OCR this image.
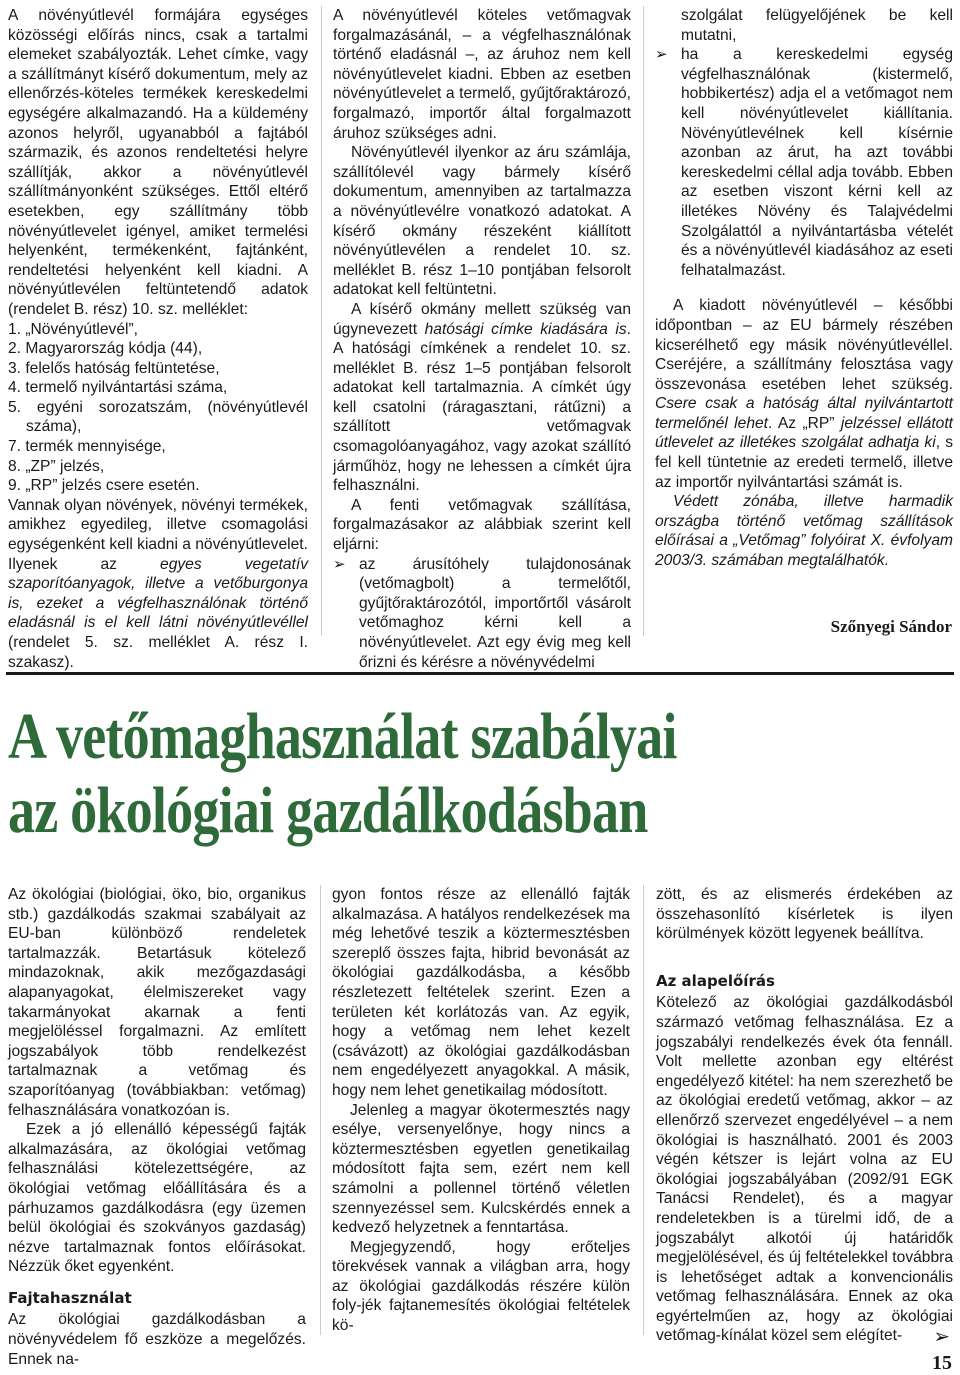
A növényútlevél formájára egységes közösségi előírás nincs, csak a tartalmi elemeket szabályozták. Lehet címke, vagy a szállítmányt kísérő dokumentum, mely az ellenőrzés-köteles termékek kereskedelmi egységére alkalmazandó. Ha a küldemény azonos helyről, ugyanabból a fajtából származik, és azonos rendeltetési helyre szállítják, akkor a növényútlevél szállítmányonként szükséges. Ettől eltérő esetekben, egy szállítmány több növényútlevelet igényel, amiket termelési helyenként, termékenként, fajtánként, rendeltetési helyenként kell kiadni. A növényútlevélen feltüntetendő adatok (rendelet B. rész) 10. sz. melléklet:

1. „Növényútlevél”,
2. Magyarország kódja (44),
3. felelős hatóság feltüntetése,
4. termelő nyilvántartási száma,
5. egyéni sorozatszám, (növényútlevél száma),
7. termék mennyisége,
8. „ZP” jelzés,
9. „RP” jelzés csere esetén.

Vannak olyan növények, növényi termékek, amikhez egyedileg, illetve csomagolási egységenként kell kiadni a növényútlevelet.

Ilyenek az egyes vegetatív szaporítóanyagok, illetve a vetőburgonya is, ezeket a végfelhasználónak történő eladásnál is el kell látni növényútlevéllel (rendelet 5. sz. melléklet A. rész I. szakasz).

A növényútlevél köteles vetőmagvak forgalmazásánál, – a végfelhasználónak történő eladásnál –, az áruhoz nem kell növényútlevelet kiadni. Ebben az esetben növényútlevelet a termelő, gyűjtőraktározó, forgalmazó, importőr által forgalmazott áruhoz szükséges adni.

Növényútlevél ilyenkor az áru számlája, szállítólevél vagy bármely kísérő dokumentum, amennyiben az tartalmazza a növényútlevélre vonatkozó adatokat. A kísérő okmány részeként kiállított növényútlevélen a rendelet 10. sz. melléklet B. rész 1–10 pontjában felsorolt adatokat kell feltüntetni.

A kísérő okmány mellett szükség van úgynevezett hatósági címke kiadására is. A hatósági címkének a rendelet 10. sz. melléklet B. rész 1–5 pontjában felsorolt adatokat kell tartalmaznia. A címkét úgy kell csatolni (ráragasztani, rátűzni) a szállított vetőmagvak csomagolóanyagához, vagy azokat szállító járműhöz, hogy ne lehessen a címkét újra felhasználni.

A fenti vetőmagvak szállítása, forgalmazásakor az alábbiak szerint kell eljárni:

➢ az árusítóhely tulajdonosának (vetőmagbolt) a termelőtől, gyűjtőraktározótól, importőrtől vásárolt vetőmaghoz kérni kell a növényútlevelet. Azt egy évig meg kell őrizni és kérésre a növényvédelmi

szolgálat felügyelőjének be kell mutatni,

➢ ha a kereskedelmi egység végfelhasználónak (kistermelő, hobbikertész) adja el a vetőmagot nem kell növényútlevelet kiállítania. Növényútlevélnek kell kísérnie azonban az árut, ha azt további kereskedelmi céllal adja tovább. Ebben az esetben viszont kérni kell az illetékes Növény és Talajvédelmi Szolgálattól a nyilvántartásba vételét és a növényútlevél kiadásához az eseti felhatalmazást.

A kiadott növényútlevél – későbbi időpontban – az EU bármely részében kicserélhető egy másik növényútlevéllel. Cseréjére, a szállítmány felosztása vagy összevonása esetében lehet szükség. Csere csak a hatóság által nyilvántartott termelőnél lehet. Az „RP” jelzéssel ellátott útlevelet az illetékes szolgálat adhatja ki, s fel kell tüntetnie az eredeti termelő, illetve az importőr nyilvántartási számát is.

Védett zónába, illetve harmadik országba történő vetőmag szállítások előírásai a „Vetőmag” folyóirat X. évfolyam 2003/3. számában megtalálhatók.

Szőnyegi Sándor
A vetőmaghasználat szabályai
az ökológiai gazdálkodásban

Az ökológiai (biológiai, öko, bio, organikus stb.) gazdálkodás szakmai szabályait az EU-ban különböző rendeletek tartalmazzák. Betartásuk kötelező mindazoknak, akik mezőgazdasági alapanyagokat, élelmiszereket vagy takarmányokat akarnak a fenti megjelöléssel forgalmazni. Az említett jogszabályok több rendelkezést tartalmaznak a vetőmag és szaporítóanyag (továbbiakban: vetőmag) felhasználására vonatkozóan is.

Ezek a jó ellenálló képességű fajták alkalmazására, az ökológiai vetőmag felhasználási kötelezettségére, az ökológiai vetőmag előállítására és a párhuzamos gazdálkodásra (egy üzemen belül ökológiai és szokványos gazdaság) nézve tartalmaznak fontos előírásokat. Nézzük őket egyenként.

Fajtahasználat

Az ökológiai gazdálkodásban a növényvédelem fő eszköze a megelőzés. Ennek na-

gyon fontos része az ellenálló fajták alkalmazása. A hatályos rendelkezések ma még lehetővé teszik a köztermesztésben szereplő összes fajta, hibrid bevonását az ökológiai gazdálkodásba, a később részletezett feltételek szerint. Ezen a területen két korlátozás van. Az egyik, hogy a vetőmag nem lehet kezelt (csávázott) az ökológiai gazdálkodásban nem engedélyezett anyagokkal. A másik, hogy nem lehet genetikailag módosított.

Jelenleg a magyar ökotermesztés nagy esélye, versenyelőnye, hogy nincs a köztermesztésben egyetlen genetikailag módosított fajta sem, ezért nem kell számolni a pollennel történő véletlen szennyezéssel sem. Kulcskérdés ennek a kedvező helyzetnek a fenntartása.

Megjegyzendő, hogy erőteljes törekvések vannak a világban arra, hogy az ökológiai gazdálkodás részére külön foly-jék fajtanemesítés ökológiai feltételek kö-

zött, és az elismerés érdekében az összehasonlító kísérletek is ilyen körülmények között legyenek beállítva.

Az alapelőírás

Kötelező az ökológiai gazdálkodásból származó vetőmag felhasználása. Ez a jogszabályi rendelkezés évek óta fennáll. Volt mellette azonban egy eltérést engedélyező kitétel: ha nem szerezhető be az ökológiai eredetű vetőmag, akkor – az ellenőrző szervezet engedélyével – a nem ökológiai is használható. 2001 és 2003 végén kétszer is lejárt volna az EU ökológiai jogszabályában (2092/91 EGK Tanácsi Rendelet), és a magyar rendeletekben is a türelmi idő, de a jogszabályt alkotói új határidők megjelölésével, és új feltételekkel továbbra is lehetőséget adtak a konvencionális vetőmag felhasználására. Ennek az oka egyértelműen az, hogy az ökológiai vetőmag-kínálat közel sem elégítet-	➢
15
